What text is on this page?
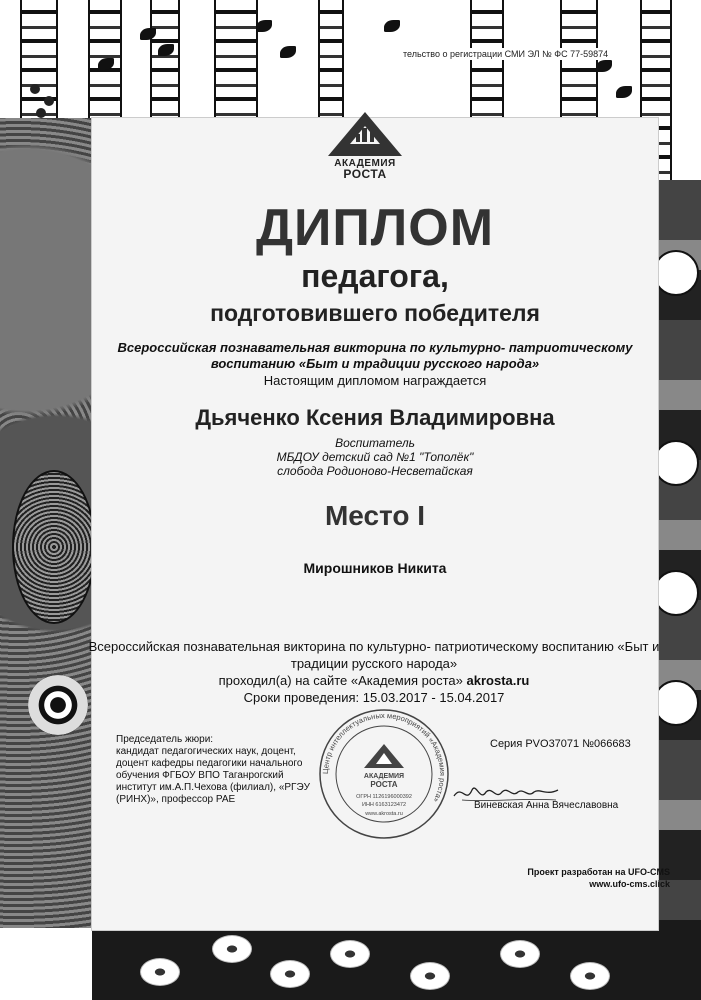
тельство о регистрации СМИ ЭЛ № ФС 77-59874
АКАДЕМИЯ
РОСТА
ДИПЛОМ
педагога,
подготовившего победителя
Всероссийская познавательная викторина по культурно- патриотическому
воспитанию «Быт и традиции русского народа»
Настоящим дипломом награждается
Дьяченко Ксения Владимировна
Воспитатель
МБДОУ детский сад №1 "Тополёк"
слобода Родионово-Несветайская
Место I
Мирошников Никита
Всероссийская познавательная викторина по культурно- патриотическому воспитанию «Быт и
традиции русского народа»
проходил(а) на сайте «Академия роста» akrosta.ru
Сроки проведения: 15.03.2017 - 15.04.2017
Председатель жюри:
кандидат педагогических наук, доцент,
доцент кафедры педагогики начального
обучения ФГБОУ ВПО Таганрогский
институт им.А.П.Чехова (филиал), «РГЭУ
(РИНХ)», профессор РАЕ
Центр интеллектуальных мероприятий «Академия роста»
АКАДЕМИЯ
РОСТА
ОГРН 1126196000392
ИНН 6163123472
www.akrosta.ru
Серия РVО37071 №066683
Виневская Анна Вячеславовна
Проект разработан на UFO-CMS
www.ufo-cms.click
